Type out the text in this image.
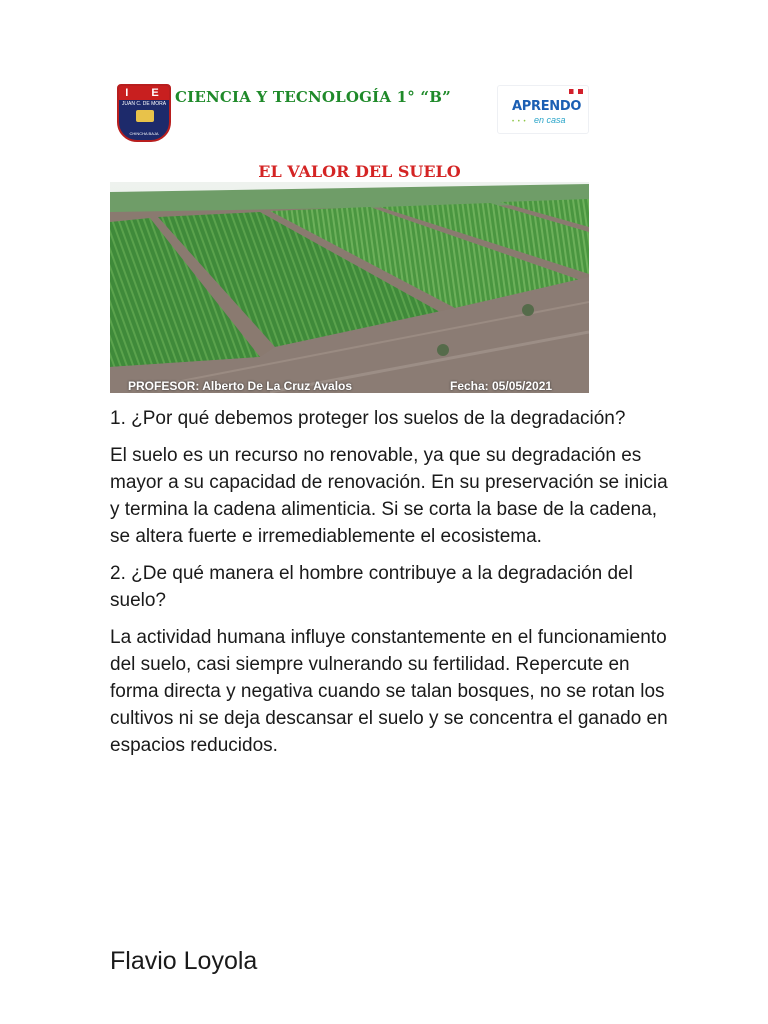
I E
JUAN C. DE MORA
CHINCHA BAJA
CIENCIA Y TECNOLOGÍA 1° “B”
APRENDO
• • • en casa
EL VALOR DEL SUELO
PROFESOR: Alberto De La Cruz Avalos	Fecha: 05/05/2021

1. ¿Por qué debemos proteger los suelos de la degradación?

El suelo es un recurso no renovable, ya que su degradación es mayor a su capacidad de renovación. En su preservación se inicia y termina la cadena alimenticia. Si se corta la base de la cadena, se altera fuerte e irremediablemente el ecosistema.

2. ¿De qué manera el hombre contribuye a la degradación del suelo?

La actividad humana influye constantemente en el funcionamiento del suelo, casi siempre vulnerando su fertilidad. Repercute en forma directa y negativa cuando se talan bosques, no se rotan los cultivos ni se deja descansar el suelo y se concentra el ganado en espacios reducidos.

Flavio Loyola
